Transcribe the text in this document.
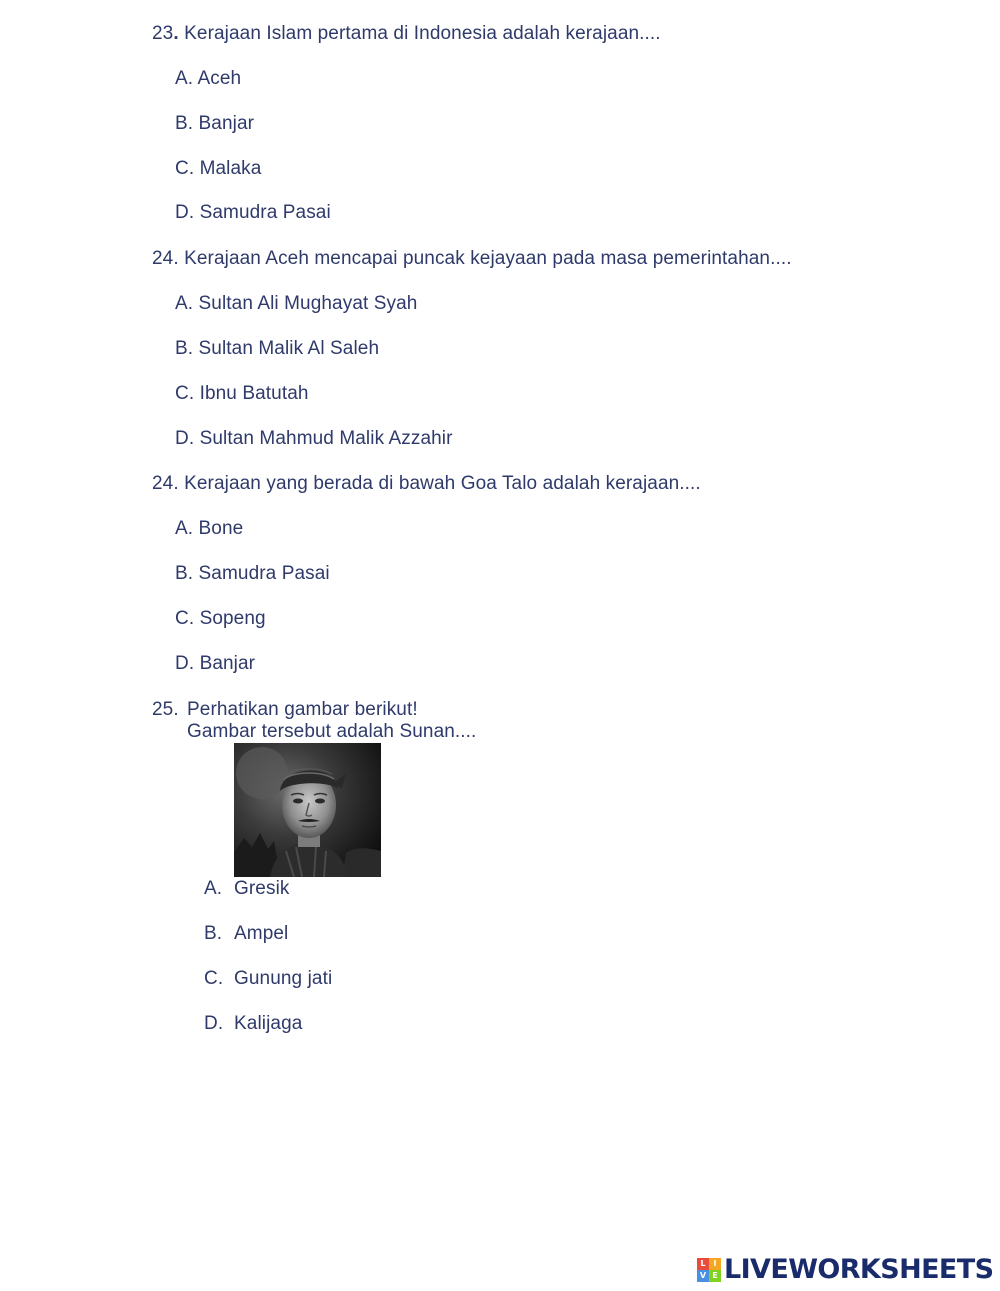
23. Kerajaan Islam pertama di Indonesia adalah kerajaan....
A. Aceh
B. Banjar
C. Malaka
D. Samudra Pasai
24. Kerajaan Aceh mencapai puncak kejayaan pada masa pemerintahan....
A. Sultan Ali Mughayat Syah
B. Sultan Malik Al Saleh
C. Ibnu Batutah
D. Sultan Mahmud Malik Azzahir
24. Kerajaan yang berada di bawah Goa Talo adalah kerajaan....
A. Bone
B. Samudra Pasai
C. Sopeng
D. Banjar
25. Perhatikan gambar berikut!
Gambar tersebut adalah Sunan....
A. Gresik
B. Ampel
C. Gunung jati
D. Kalijaga
L I
V E LIVEWORKSHEETS
